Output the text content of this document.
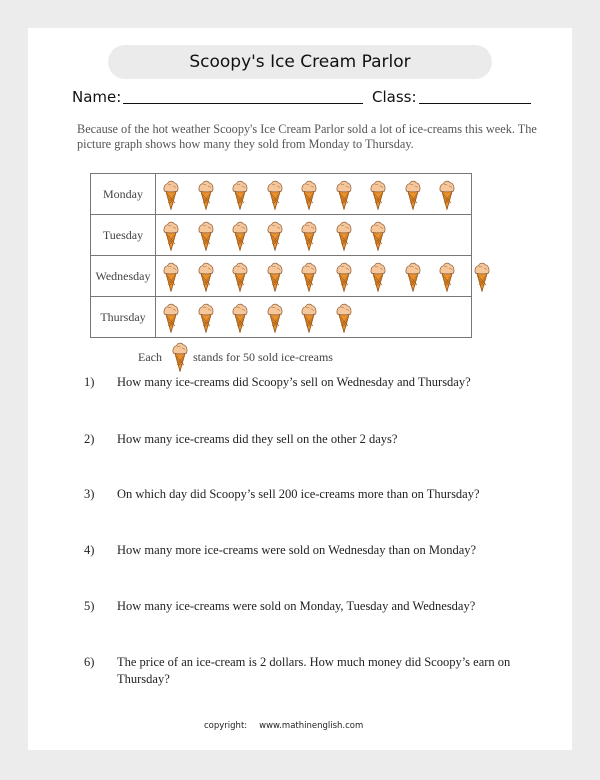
Scoopy's Ice Cream Parlor
Name:	Class:
Because of the hot weather Scoopy's Ice Cream Parlor sold a lot of ice-creams this week. The picture graph shows how many they sold from Monday to Thursday.
Monday	

Tuesday	

Wednesday	

Thursday	
Each	stands for 50 sold ice-creams
1) How many ice-creams did Scoopy’s sell on Wednesday and Thursday?
2) How many ice-creams did they sell on the other 2 days?
3) On which day did Scoopy’s sell 200 ice-creams more than on Thursday?
4) How many more ice-creams were sold on Wednesday than on Monday?
5) How many ice-creams were sold on Monday, Tuesday and Wednesday?
6) The price of an ice-cream is 2 dollars. How much money did Scoopy’s earn on Thursday?
copyright: www.mathinenglish.com
